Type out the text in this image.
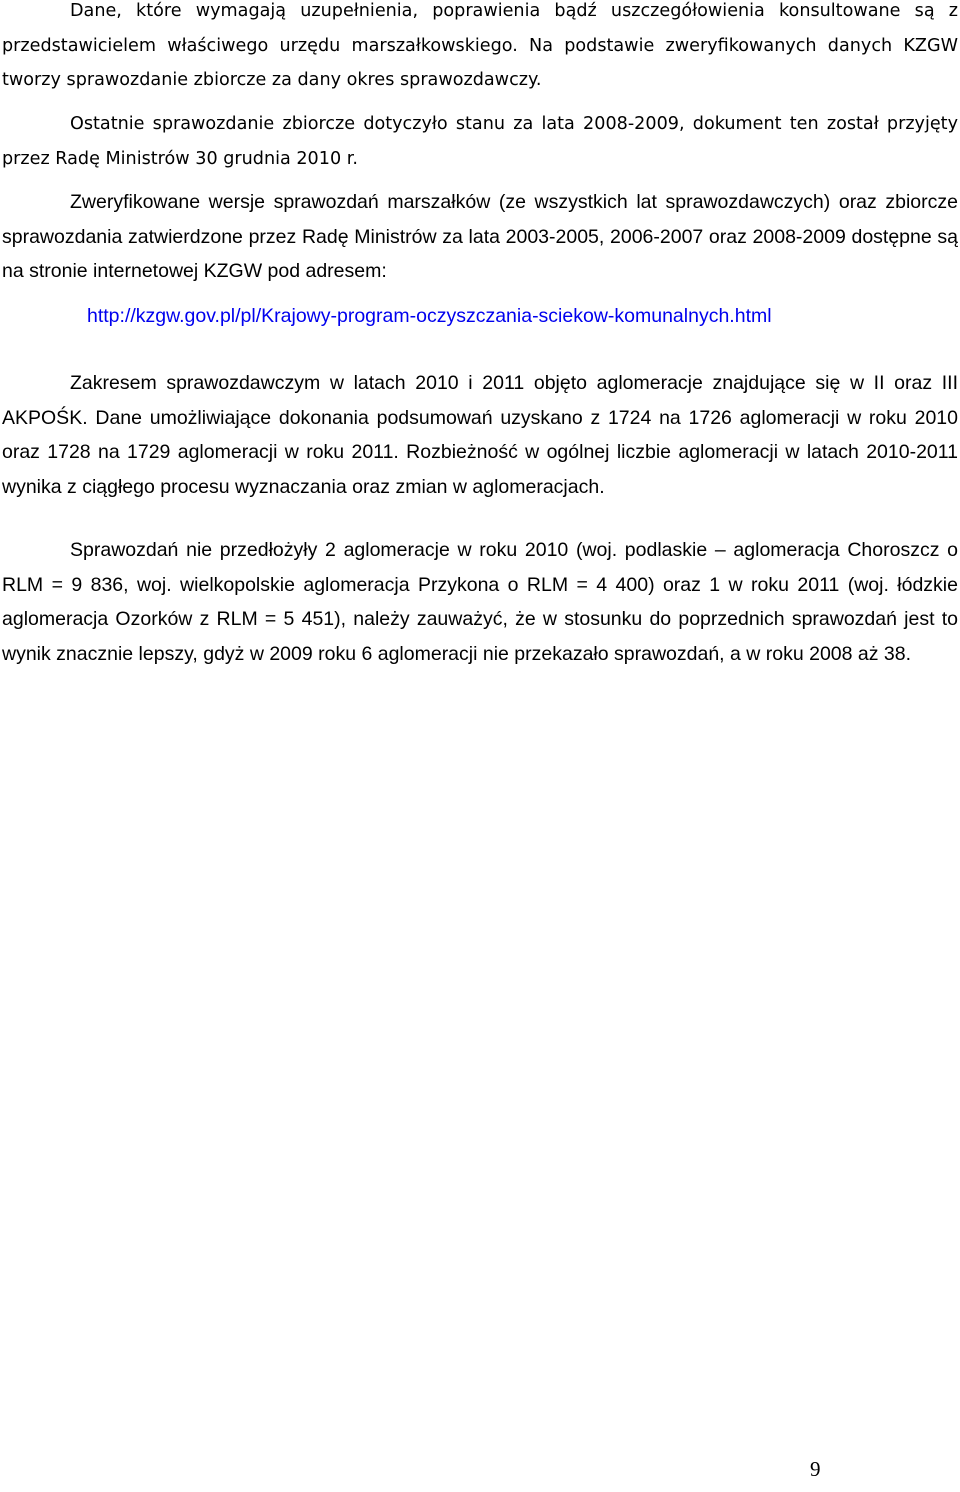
Dane, które wymagają uzupełnienia, poprawienia bądź uszczegółowienia konsultowane są z przedstawicielem właściwego urzędu marszałkowskiego. Na podstawie zweryfikowanych danych KZGW tworzy sprawozdanie zbiorcze za dany okres sprawozdawczy.

Ostatnie sprawozdanie zbiorcze dotyczyło stanu za lata 2008-2009, dokument ten został przyjęty przez Radę Ministrów 30 grudnia 2010 r.

Zweryfikowane wersje sprawozdań marszałków (ze wszystkich lat sprawozdawczych) oraz zbiorcze sprawozdania zatwierdzone przez Radę Ministrów za lata 2003-2005, 2006-2007 oraz 2008-2009 dostępne są na stronie internetowej KZGW pod adresem:

http://kzgw.gov.pl/pl/Krajowy-program-oczyszczania-sciekow-komunalnych.html

Zakresem sprawozdawczym w latach 2010 i 2011 objęto aglomeracje znajdujące się w II oraz III AKPOŚK. Dane umożliwiające dokonania podsumowań uzyskano z 1724 na 1726 aglomeracji w roku 2010 oraz 1728 na 1729 aglomeracji w roku 2011. Rozbieżność w ogólnej liczbie aglomeracji w latach 2010-2011 wynika z ciągłego procesu wyznaczania oraz zmian w aglomeracjach.

Sprawozdań nie przedłożyły 2 aglomeracje w roku 2010 (woj. podlaskie – aglomeracja Choroszcz o RLM = 9 836, woj. wielkopolskie aglomeracja Przykona o RLM = 4 400) oraz 1 w roku 2011 (woj. łódzkie aglomeracja Ozorków z RLM = 5 451), należy zauważyć, że w stosunku do poprzednich sprawozdań jest to wynik znacznie lepszy, gdyż w 2009 roku 6 aglomeracji nie przekazało sprawozdań, a w roku 2008 aż 38.

9
